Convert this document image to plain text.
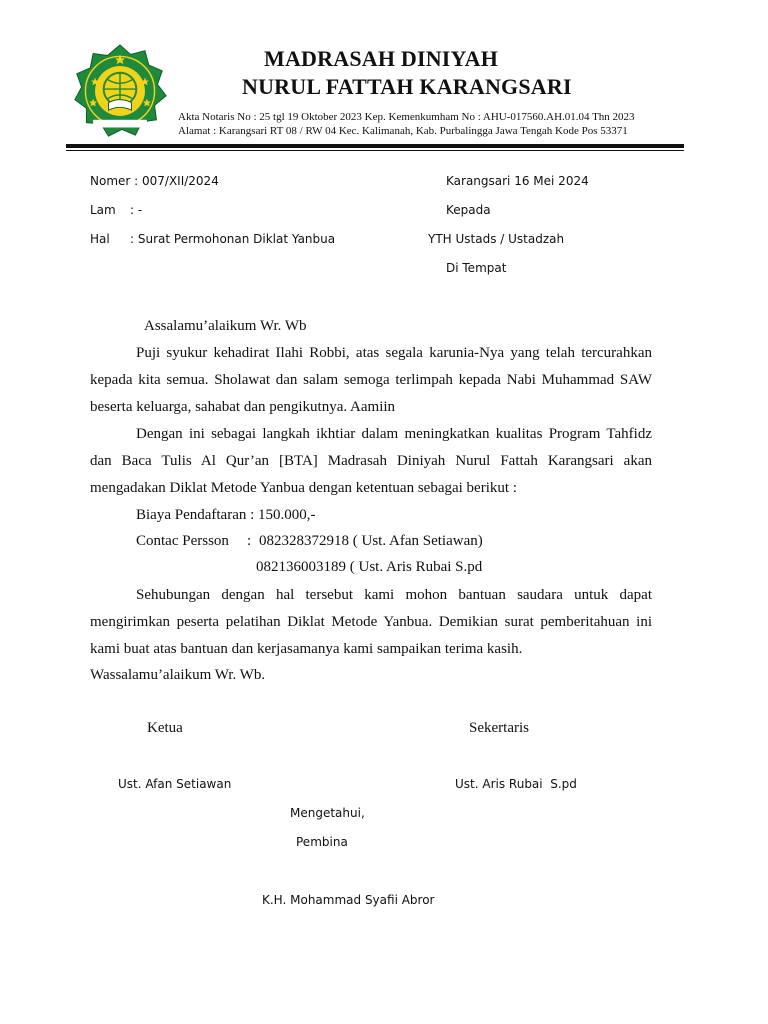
MADRASAH DINIYAH
NURUL FATTAH KARANGSARI
Akta Notaris No : 25 tgl 19 Oktober 2023 Kep. Kemenkumham No : AHU-017560.AH.01.04 Thn 2023
Alamat : Karangsari RT 08 / RW 04 Kec. Kalimanah, Kab. Purbalingga Jawa Tengah Kode Pos 53371
Nomer : 007/XII/2024
Lam : -
Hal : Surat Permohonan Diklat Yanbua
Karangsari 16 Mei 2024
Kepada
YTH Ustads / Ustadzah
Di Tempat
Assalamu’alaikum Wr. Wb
Puji syukur kehadirat Ilahi Robbi, atas segala karunia-Nya yang telah tercurahkan
kepada kita semua. Sholawat dan salam semoga terlimpah kepada Nabi Muhammad SAW
beserta keluarga, sahabat dan pengikutnya. Aamiin
Dengan ini sebagai langkah ikhtiar dalam meningkatkan kualitas Program Tahfidz
dan Baca Tulis Al Qur’an [BTA] Madrasah Diniyah Nurul Fattah Karangsari akan
mengadakan Diklat Metode Yanbua dengan ketentuan sebagai berikut :
Biaya Pendaftaran : 150.000,-
Contac Persson : 082328372918 ( Ust. Afan Setiawan)
082136003189 ( Ust. Aris Rubai S.pd
Sehubungan dengan hal tersebut kami mohon bantuan saudara untuk dapat
mengirimkan peserta pelatihan Diklat Metode Yanbua. Demikian surat pemberitahuan ini
kami buat atas bantuan dan kerjasamanya kami sampaikan terima kasih.
Wassalamu’alaikum Wr. Wb.
Ketua	Sekertaris
Ust. Afan Setiawan	Ust. Aris Rubai  S.pd
Mengetahui,
Pembina
K.H. Mohammad Syafii Abror
